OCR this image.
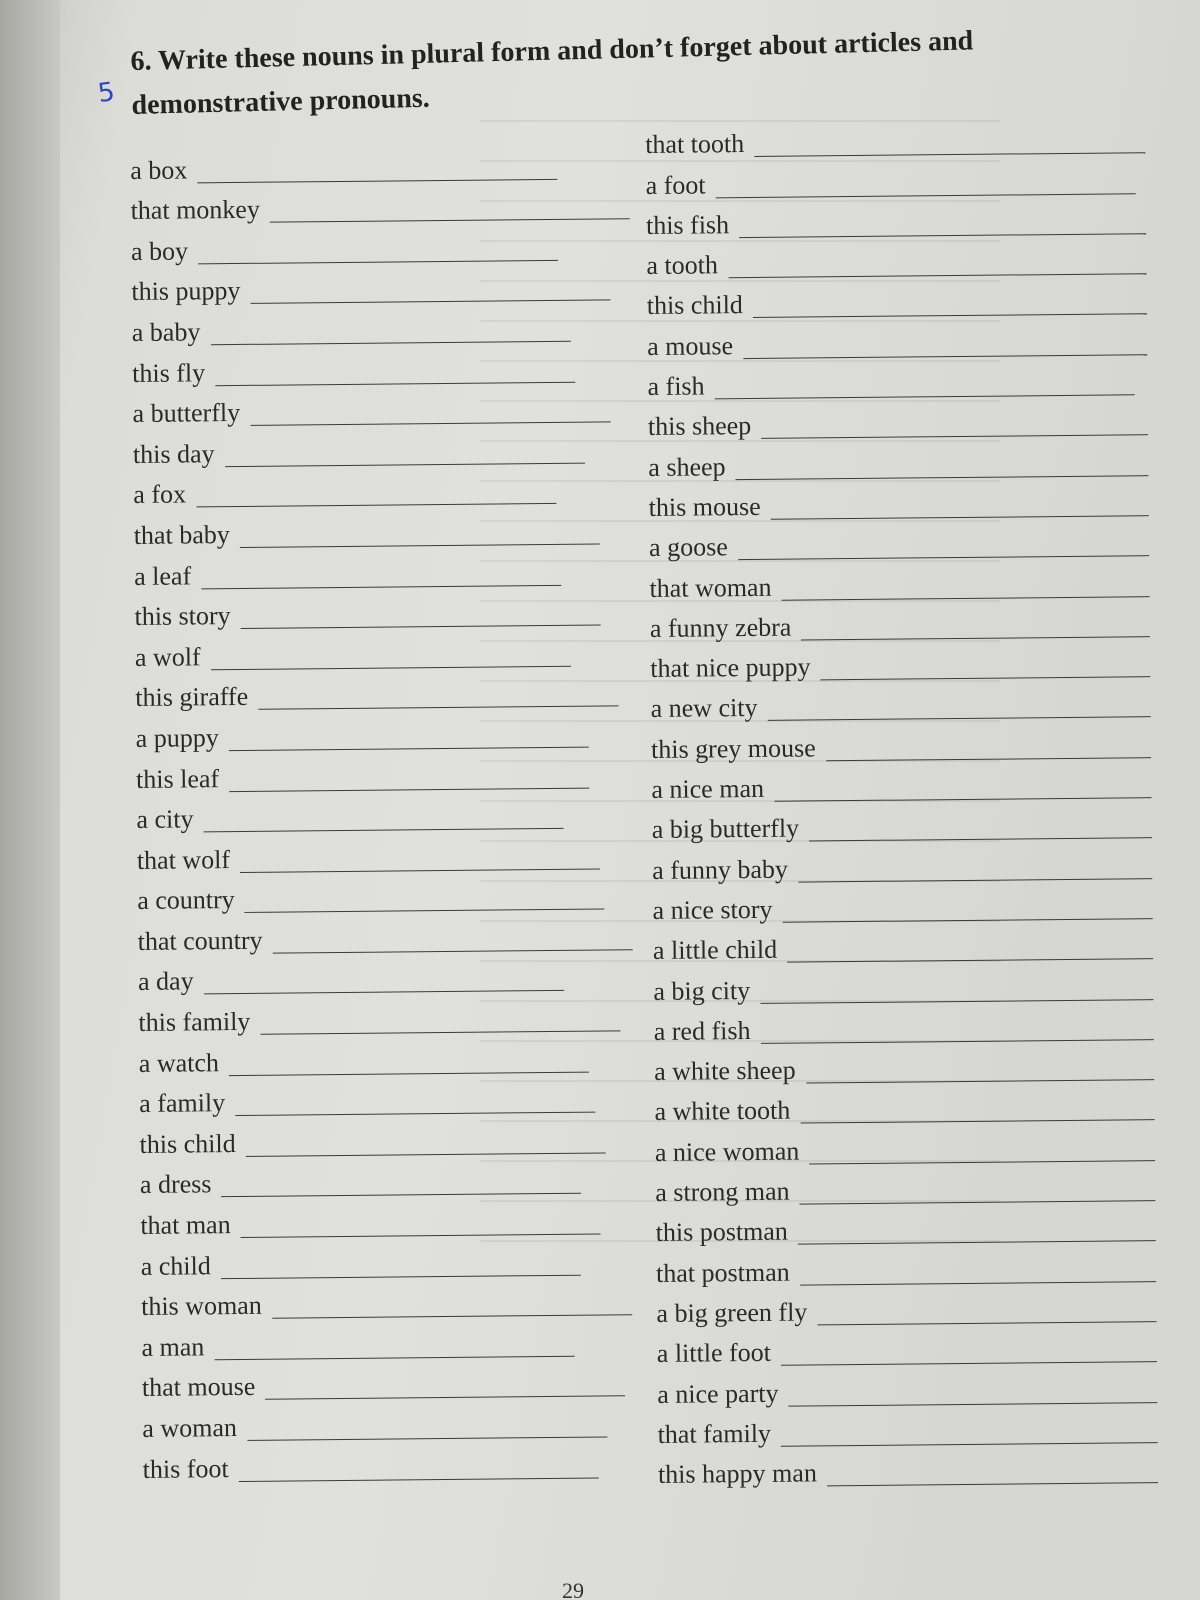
5
6. Write these nouns in plural form and don’t forget about articles and demonstrative pronouns.
a box
that monkey
a boy
this puppy
a baby
this fly
a butterfly
this day
a fox
that baby
a leaf
this story
a wolf
this giraffe
a puppy
this leaf
a city
that wolf
a country
that country
a day
this family
a watch
a family
this child
a dress
that man
a child
this woman
a man
that mouse
a woman
this foot
that tooth
a foot
this fish
a tooth
this child
a mouse
a fish
this sheep
a sheep
this mouse
a goose
that woman
a funny zebra
that nice puppy
a new city
this grey mouse
a nice man
a big butterfly
a funny baby
a nice story
a little child
a big city
a red fish
a white sheep
a white tooth
a nice woman
a strong man
this postman
that postman
a big green fly
a little foot
a nice party
that family
this happy man
29
